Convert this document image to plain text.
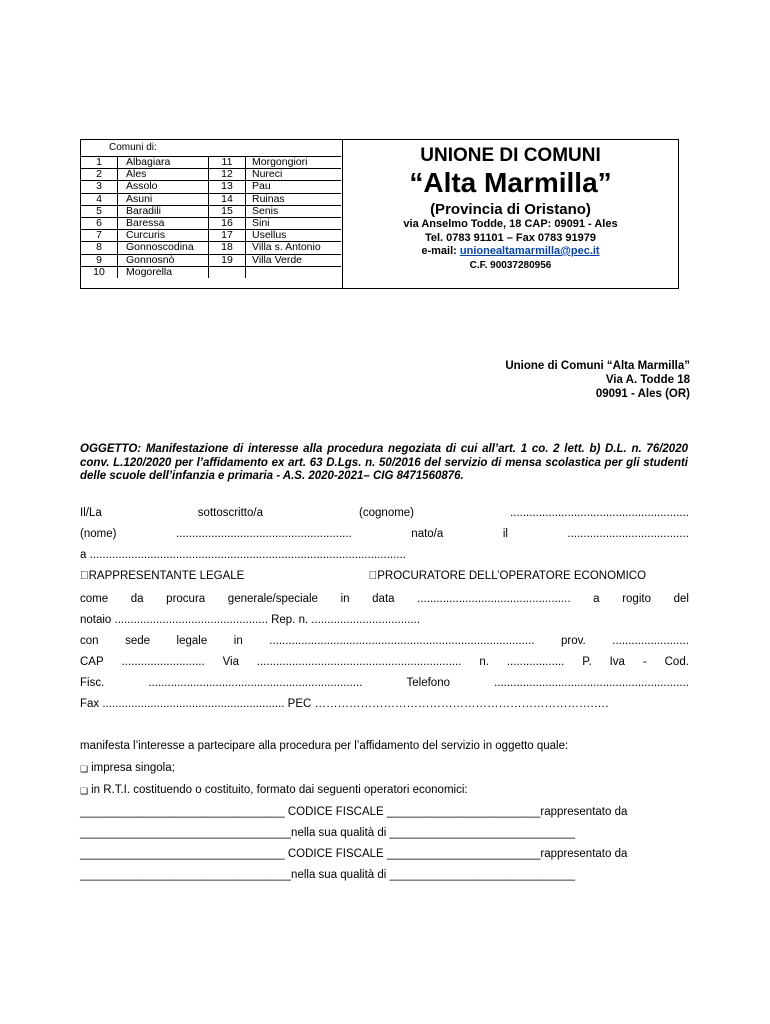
Comuni di:
1	Albagiara	11	Morgongiori
2	Ales	12	Nureci
3	Assolo	13	Pau
4	Asuni	14	Ruinas
5	Baradili	15	Senis
6	Baressa	16	Sini
7	Curcuris	17	Usellus
8	Gonnoscodina	18	Villa s. Antonio
9	Gonnosnò	19	Villa Verde
10	Mogorella		
UNIONE DI COMUNI
“Alta Marmilla”
(Provincia di Oristano)
via Anselmo Todde, 18 CAP: 09091 - Ales
Tel. 0783 91101 – Fax 0783 91979
e-mail: unionealtamarmilla@pec.it
C.F. 90037280956
Unione di Comuni “Alta Marmilla”
Via A. Todde 18
09091 - Ales (OR)
OGGETTO: Manifestazione di interesse alla procedura negoziata di cui all’art. 1 co. 2 lett. b) D.L. n. 76/2020 conv. L.120/2020 per l’affidamento ex art. 63 D.Lgs. n. 50/2016 del servizio di mensa scolastica per gli studenti delle scuole dell’infanzia e primaria - A.S. 2020-2021– CIG 8471560876.
Il/La	sottoscritto/a	(cognome)	........................................................
(nome)	.......................................................	nato/a	il	......................................
a ...................................................................................................
RAPPRESENTANTE LEGALE	PROCURATORE DELL’OPERATORE ECONOMICO
come da procura generale/speciale in data ................................................ a rogito del
notaio ................................................ Rep. n. ..................................
con sede legale in ................................................................................... prov. ........................
CAP .......................... Via ................................................................ n. .................. P. Iva - Cod.
Fisc.	...................................................................	Telefono	.............................................................
Fax ......................................................... PEC ……………………………………………………………….….
manifesta l’interesse a partecipare alla procedura per l’affidamento del servizio in oggetto quale:
❏ impresa singola;
❏ in R.T.I. costituendo o costituito, formato dai seguenti operatori economici:
________________________________ CODICE FISCALE ________________________rappresentato da
_________________________________nella sua qualità di _____________________________
________________________________ CODICE FISCALE ________________________rappresentato da
_________________________________nella sua qualità di _____________________________
